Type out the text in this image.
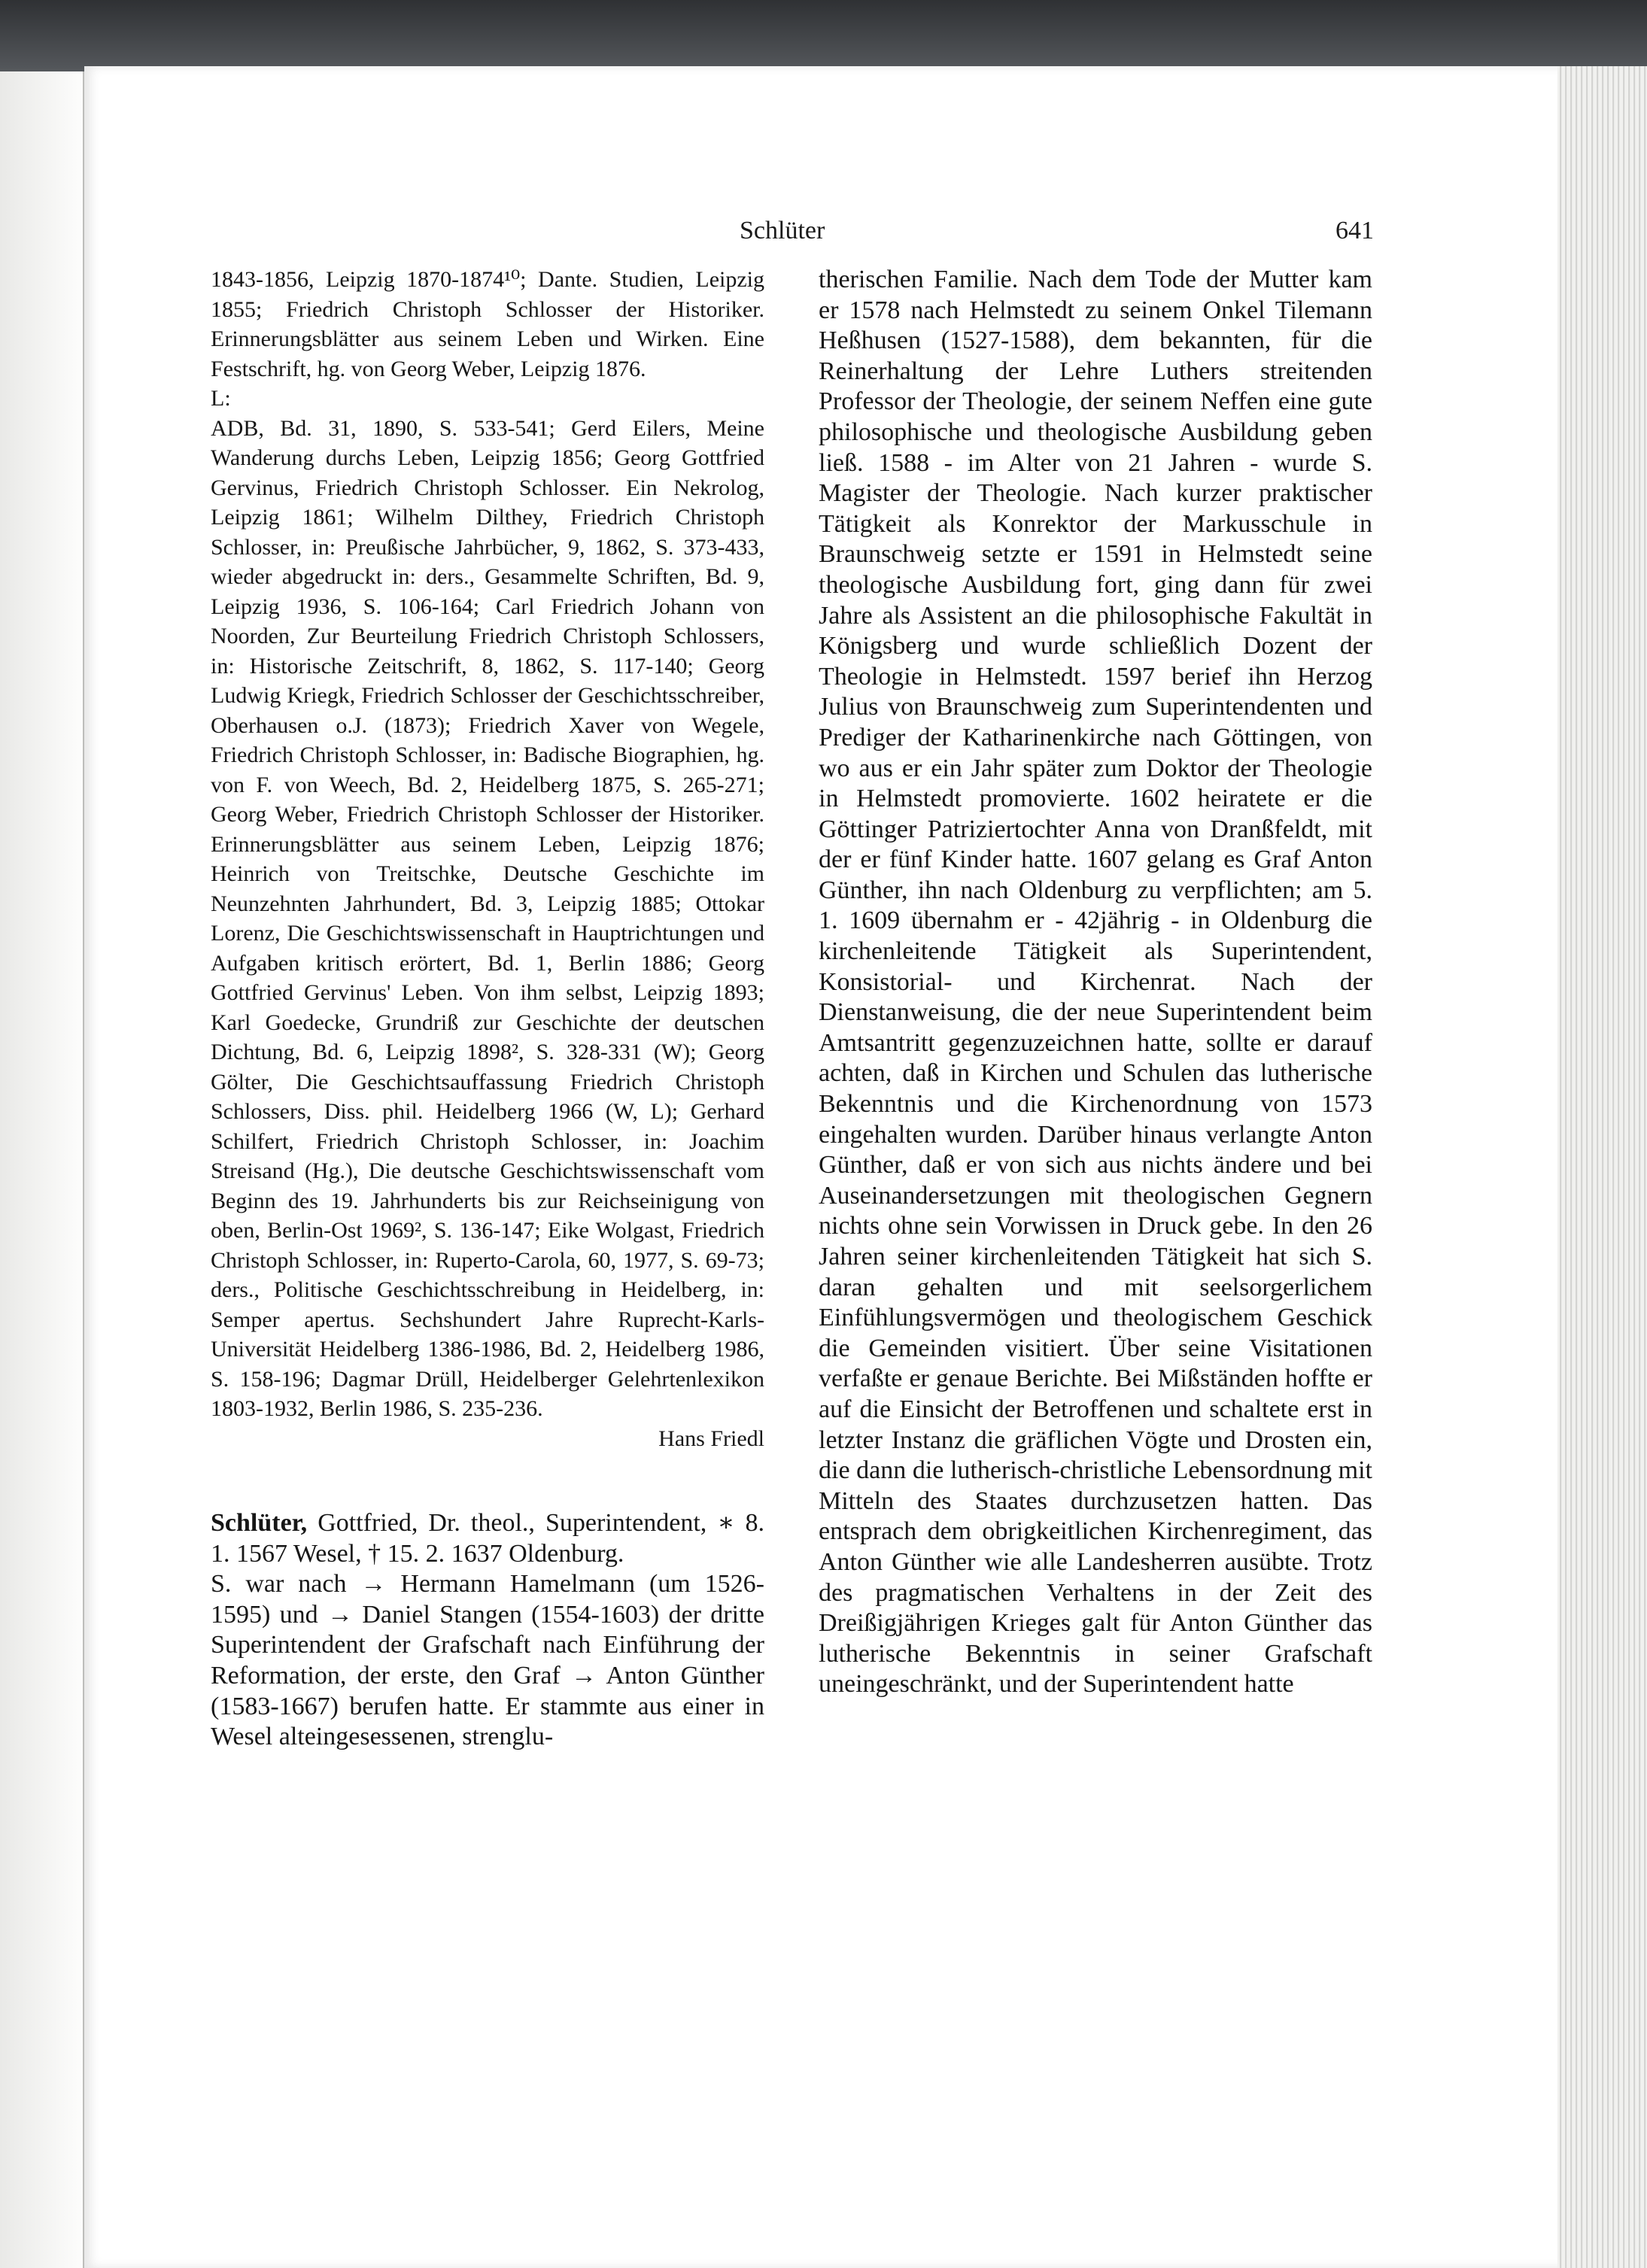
Schlüter	641

1843-1856, Leipzig 1870-1874¹⁰; Dante. Studien, Leipzig 1855; Friedrich Christoph Schlosser der Historiker. Erinnerungsblätter aus seinem Leben und Wirken. Eine Festschrift, hg. von Georg Weber, Leipzig 1876.

L:

ADB, Bd. 31, 1890, S. 533-541; Gerd Eilers, Meine Wanderung durchs Leben, Leipzig 1856; Georg Gottfried Gervinus, Friedrich Christoph Schlosser. Ein Nekrolog, Leipzig 1861; Wilhelm Dilthey, Friedrich Christoph Schlosser, in: Preußische Jahrbücher, 9, 1862, S. 373-433, wieder abgedruckt in: ders., Gesammelte Schriften, Bd. 9, Leipzig 1936, S. 106-164; Carl Friedrich Johann von Noorden, Zur Beurteilung Friedrich Christoph Schlossers, in: Historische Zeitschrift, 8, 1862, S. 117-140; Georg Ludwig Kriegk, Friedrich Schlosser der Geschichtsschreiber, Oberhausen o.J. (1873); Friedrich Xaver von Wegele, Friedrich Christoph Schlosser, in: Badische Biographien, hg. von F. von Weech, Bd. 2, Heidelberg 1875, S. 265-271; Georg Weber, Friedrich Christoph Schlosser der Historiker. Erinnerungsblätter aus seinem Leben, Leipzig 1876; Heinrich von Treitschke, Deutsche Geschichte im Neunzehnten Jahrhundert, Bd. 3, Leipzig 1885; Ottokar Lorenz, Die Geschichtswissenschaft in Hauptrichtungen und Aufgaben kritisch erörtert, Bd. 1, Berlin 1886; Georg Gottfried Gervinus' Leben. Von ihm selbst, Leipzig 1893; Karl Goedecke, Grundriß zur Geschichte der deutschen Dichtung, Bd. 6, Leipzig 1898², S. 328-331 (W); Georg Gölter, Die Geschichtsauffassung Friedrich Christoph Schlossers, Diss. phil. Heidelberg 1966 (W, L); Gerhard Schilfert, Friedrich Christoph Schlosser, in: Joachim Streisand (Hg.), Die deutsche Geschichtswissenschaft vom Beginn des 19. Jahrhunderts bis zur Reichseinigung von oben, Berlin-Ost 1969², S. 136-147; Eike Wolgast, Friedrich Christoph Schlosser, in: Ruperto-Carola, 60, 1977, S. 69-73; ders., Politische Geschichtsschreibung in Heidelberg, in: Semper apertus. Sechshundert Jahre Ruprecht-Karls-Universität Heidelberg 1386-1986, Bd. 2, Heidelberg 1986, S. 158-196; Dagmar Drüll, Heidelberger Gelehrtenlexikon 1803-1932, Berlin 1986, S. 235-236.

Hans Friedl

Schlüter, Gottfried, Dr. theol., Superintendent, ∗ 8. 1. 1567 Wesel, † 15. 2. 1637 Oldenburg.

S. war nach → Hermann Hamelmann (um 1526-1595) und → Daniel Stangen (1554-1603) der dritte Superintendent der Grafschaft nach Einführung der Reformation, der erste, den Graf → Anton Günther (1583-1667) berufen hatte. Er stammte aus einer in Wesel alteingesessenen, strenglu-

therischen Familie. Nach dem Tode der Mutter kam er 1578 nach Helmstedt zu seinem Onkel Tilemann Heßhusen (1527-1588), dem bekannten, für die Reinerhaltung der Lehre Luthers streitenden Professor der Theologie, der seinem Neffen eine gute philosophische und theologische Ausbildung geben ließ. 1588 - im Alter von 21 Jahren - wurde S. Magister der Theologie. Nach kurzer praktischer Tätigkeit als Konrektor der Markusschule in Braunschweig setzte er 1591 in Helmstedt seine theologische Ausbildung fort, ging dann für zwei Jahre als Assistent an die philosophische Fakultät in Königsberg und wurde schließlich Dozent der Theologie in Helmstedt. 1597 berief ihn Herzog Julius von Braunschweig zum Superintendenten und Prediger der Katharinenkirche nach Göttingen, von wo aus er ein Jahr später zum Doktor der Theologie in Helmstedt promovierte. 1602 heiratete er die Göttinger Patriziertochter Anna von Dranßfeldt, mit der er fünf Kinder hatte. 1607 gelang es Graf Anton Günther, ihn nach Oldenburg zu verpflichten; am 5. 1. 1609 übernahm er - 42jährig - in Oldenburg die kirchenleitende Tätigkeit als Superintendent, Konsistorial- und Kirchenrat. Nach der Dienstanweisung, die der neue Superintendent beim Amtsantritt gegenzuzeichnen hatte, sollte er darauf achten, daß in Kirchen und Schulen das lutherische Bekenntnis und die Kirchenordnung von 1573 eingehalten wurden. Darüber hinaus verlangte Anton Günther, daß er von sich aus nichts ändere und bei Auseinandersetzungen mit theologischen Gegnern nichts ohne sein Vorwissen in Druck gebe. In den 26 Jahren seiner kirchenleitenden Tätigkeit hat sich S. daran gehalten und mit seelsorgerlichem Einfühlungsvermögen und theologischem Geschick die Gemeinden visitiert. Über seine Visitationen verfaßte er genaue Berichte. Bei Mißständen hoffte er auf die Einsicht der Betroffenen und schaltete erst in letzter Instanz die gräflichen Vögte und Drosten ein, die dann die lutherisch-christliche Lebensordnung mit Mitteln des Staates durchzusetzen hatten. Das entsprach dem obrigkeitlichen Kirchenregiment, das Anton Günther wie alle Landesherren ausübte. Trotz des pragmatischen Verhaltens in der Zeit des Dreißigjährigen Krieges galt für Anton Günther das lutherische Bekenntnis in seiner Grafschaft uneingeschränkt, und der Superintendent hatte
